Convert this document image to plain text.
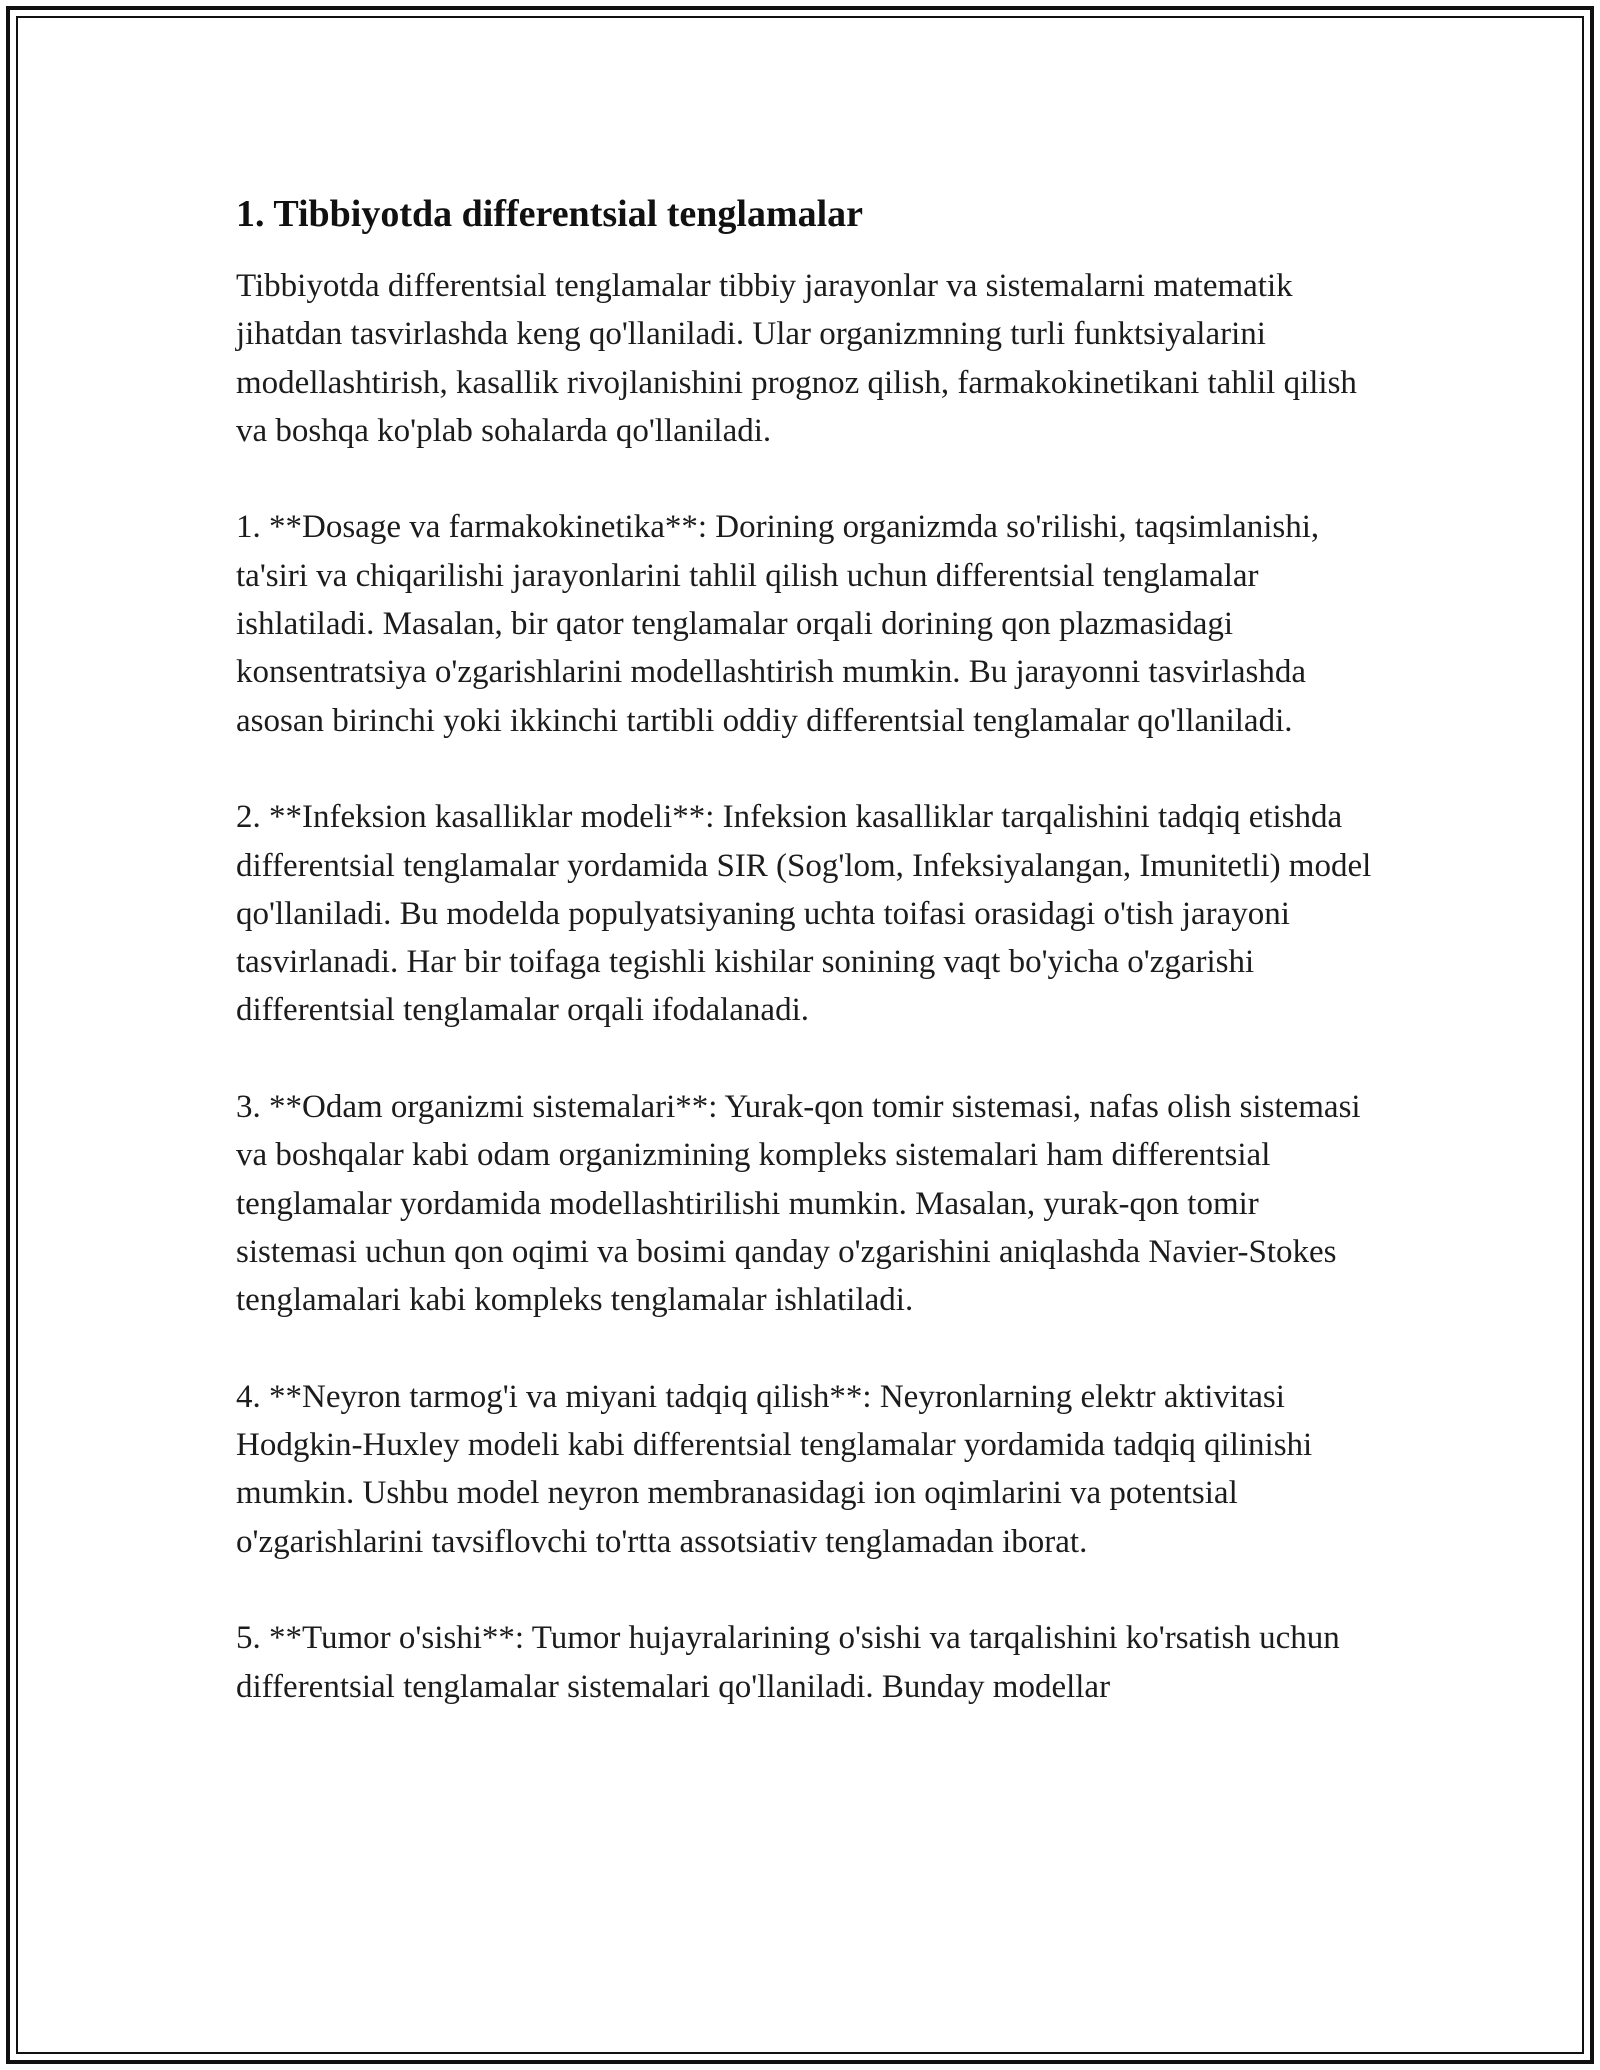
1. Tibbiyotda differentsial tenglamalar

Tibbiyotda differentsial tenglamalar tibbiy jarayonlar va sistemalarni matematik jihatdan tasvirlashda keng qo'llaniladi. Ular organizmning turli funktsiyalarini modellashtirish, kasallik rivojlanishini prognoz qilish, farmakokinetikani tahlil qilish va boshqa ko'plab sohalarda qo'llaniladi.

1. **Dosage va farmakokinetika**: Dorining organizmda so'rilishi, taqsimlanishi, ta'siri va chiqarilishi jarayonlarini tahlil qilish uchun differentsial tenglamalar ishlatiladi. Masalan, bir qator tenglamalar orqali dorining qon plazmasidagi konsentratsiya o'zgarishlarini modellashtirish mumkin. Bu jarayonni tasvirlashda asosan birinchi yoki ikkinchi tartibli oddiy differentsial tenglamalar qo'llaniladi.

2. **Infeksion kasalliklar modeli**: Infeksion kasalliklar tarqalishini tadqiq etishda differentsial tenglamalar yordamida SIR (Sog'lom, Infeksiyalangan, Imunitetli) model qo'llaniladi. Bu modelda populyatsiyaning uchta toifasi orasidagi o'tish jarayoni tasvirlanadi. Har bir toifaga tegishli kishilar sonining vaqt bo'yicha o'zgarishi differentsial tenglamalar orqali ifodalanadi.

3. **Odam organizmi sistemalari**: Yurak-qon tomir sistemasi, nafas olish sistemasi va boshqalar kabi odam organizmining kompleks sistemalari ham differentsial tenglamalar yordamida modellashtirilishi mumkin. Masalan, yurak-qon tomir sistemasi uchun qon oqimi va bosimi qanday o'zgarishini aniqlashda Navier-Stokes tenglamalari kabi kompleks tenglamalar ishlatiladi.

4. **Neyron tarmog'i va miyani tadqiq qilish**: Neyronlarning elektr aktivitasi Hodgkin-Huxley modeli kabi differentsial tenglamalar yordamida tadqiq qilinishi mumkin. Ushbu model neyron membranasidagi ion oqimlarini va potentsial o'zgarishlarini tavsiflovchi to'rtta assotsiativ tenglamadan iborat.

5. **Tumor o'sishi**: Tumor hujayralarining o'sishi va tarqalishini ko'rsatish uchun differentsial tenglamalar sistemalari qo'llaniladi. Bunday modellar
